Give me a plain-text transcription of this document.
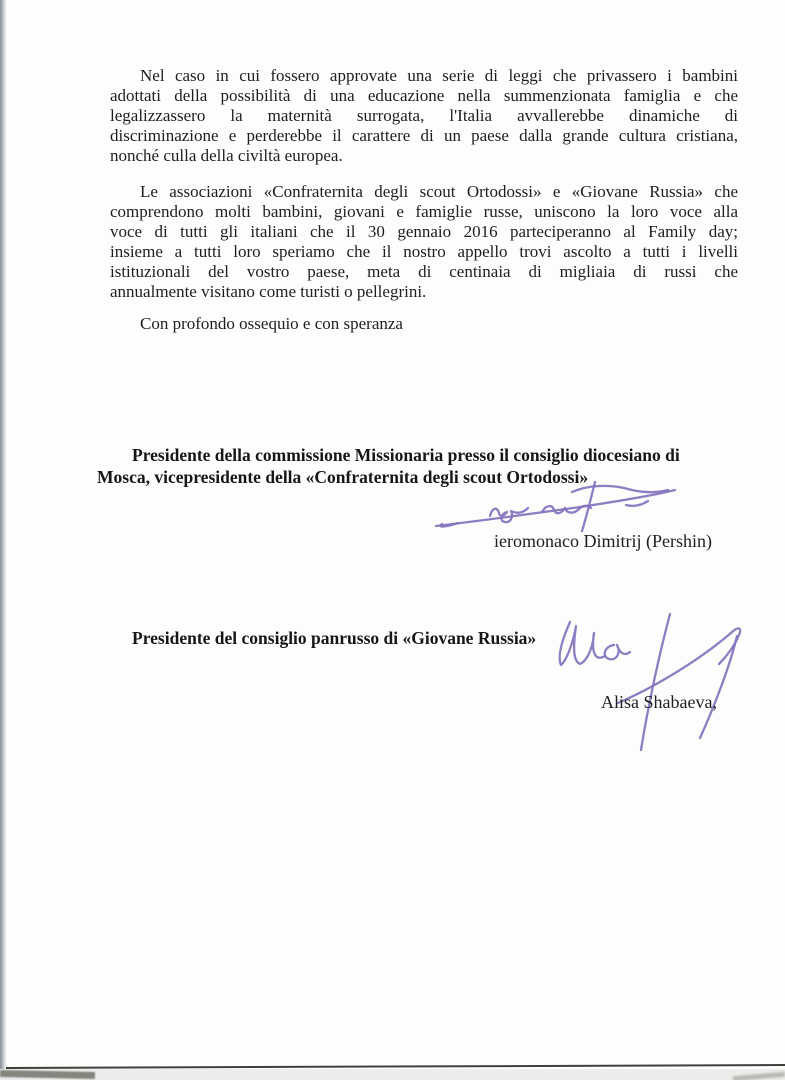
Nel caso in cui fossero approvate una serie di leggi che privassero i bambini
adottati della possibilità di una educazione nella summenzionata famiglia e che
legalizzassero la maternità surrogata, l'Italia avvallerebbe dinamiche di
discriminazione e perderebbe il carattere di un paese dalla grande cultura cristiana,
nonché culla della civiltà europea.
Le associazioni «Confraternita degli scout Ortodossi» e «Giovane Russia» che
comprendono molti bambini, giovani e famiglie russe, uniscono la loro voce alla
voce di tutti gli italiani che il 30 gennaio 2016 parteciperanno al Family day;
insieme a tutti loro speriamo che il nostro appello trovi ascolto a tutti i livelli
istituzionali del vostro paese, meta di centinaia di migliaia di russi che
annualmente visitano come turisti o pellegrini.
Con profondo ossequio e con speranza
Presidente della commissione Missionaria presso il consiglio diocesiano di
Mosca, vicepresidente della «Confraternita degli scout Ortodossi»
ieromonaco Dimitrij (Pershin)
Presidente del consiglio panrusso di «Giovane Russia»
Alisa Shabaeva,
